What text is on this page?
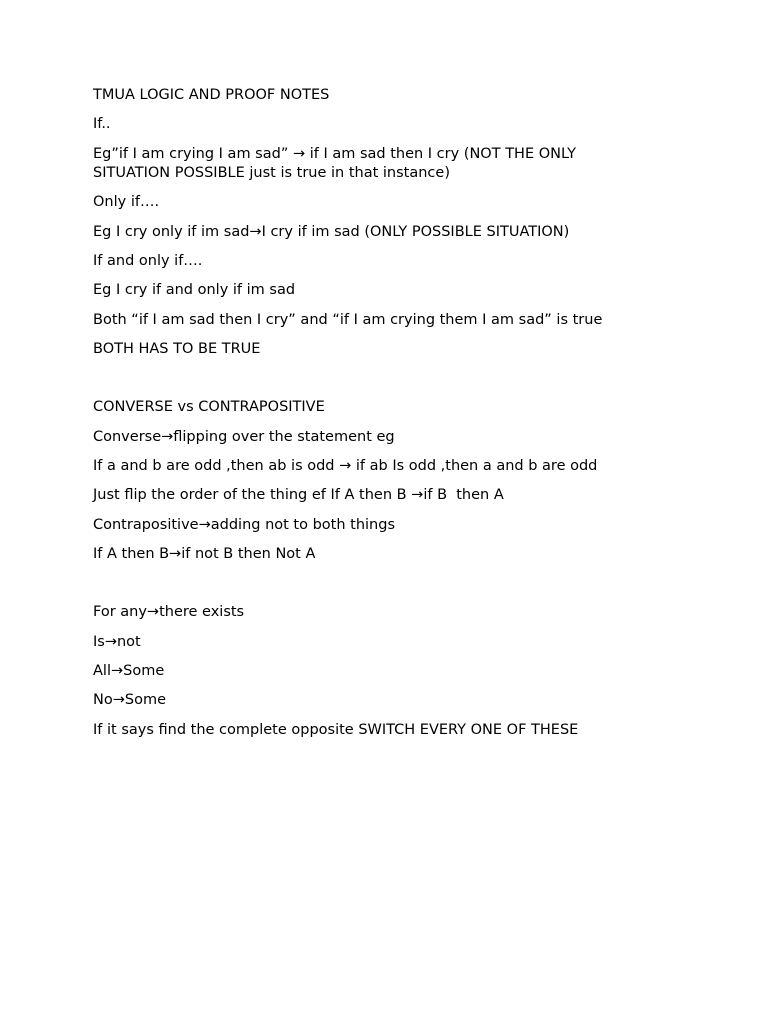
TMUA LOGIC AND PROOF NOTES
If..
Eg”if I am crying I am sad” → if I am sad then I cry (NOT THE ONLY SITUATION POSSIBLE just is true in that instance)
Only if….
Eg I cry only if im sad→I cry if im sad (ONLY POSSIBLE SITUATION)
If and only if….
Eg I cry if and only if im sad
Both “if I am sad then I cry” and “if I am crying them I am sad” is true
BOTH HAS TO BE TRUE
CONVERSE vs CONTRAPOSITIVE
Converse→flipping over the statement eg
If a and b are odd ,then ab is odd → if ab Is odd ,then a and b are odd
Just flip the order of the thing ef If A then B →if B  then A
Contrapositive→adding not to both things
If A then B→if not B then Not A
For any→there exists
Is→not
All→Some
No→Some
If it says find the complete opposite SWITCH EVERY ONE OF THESE
